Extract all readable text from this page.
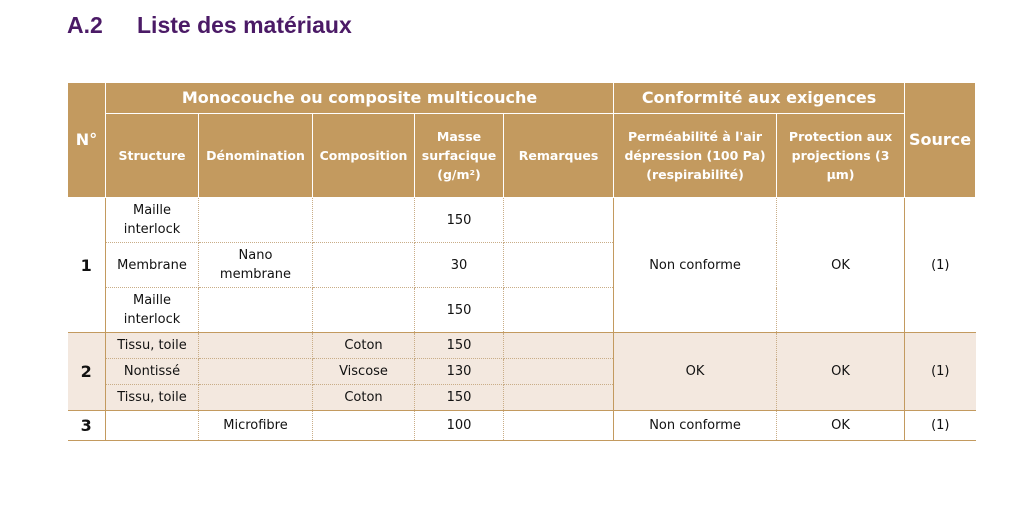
A.2 Liste des matériaux
N°	Monocouche ou composite multicouche					Conformité aux exigences		Source
	Structure	Dénomination	Composition	Masse surfacique (g/m²)	Remarques	Perméabilité à l'air dépression (100 Pa) (respirabilité)	Protection aux projections (3 µm)	
1	Maille interlock			150		Non conforme	OK	(1)
	Membrane	Nano membrane		30				
	Maille interlock			150				
2	Tissu, toile		Coton	150		OK	OK	(1)
	Nontissé		Viscose	130				
	Tissu, toile		Coton	150				
3		Microfibre		100		Non conforme	OK	(1)
